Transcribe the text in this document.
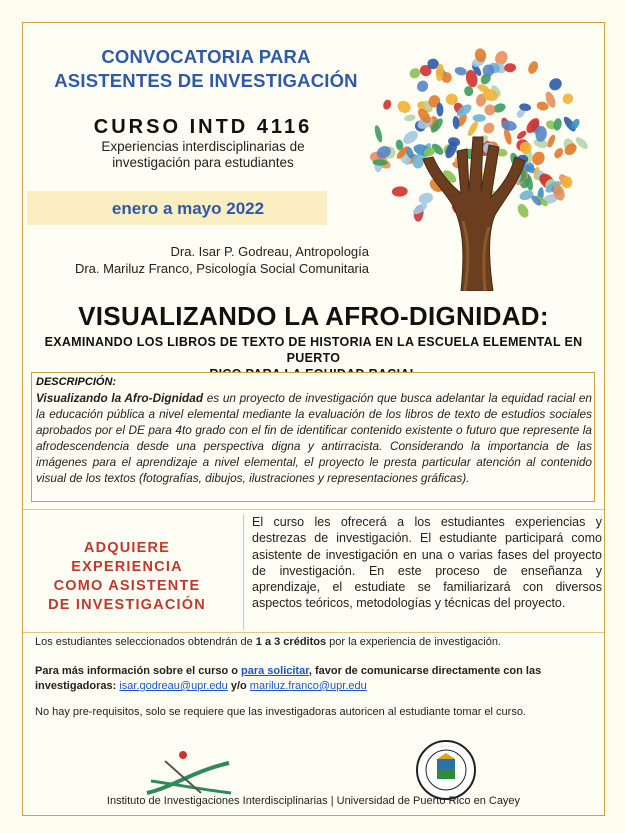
CONVOCATORIA PARA
ASISTENTES DE INVESTIGACIÓN
CURSO INTD 4116
Experiencias interdisciplinarias de
investigación para estudiantes
enero a mayo 2022
Dra. Isar P. Godreau, Antropología
Dra. Mariluz Franco, Psicología Social Comunitaria
VISUALIZANDO LA AFRO-DIGNIDAD:
EXAMINANDO LOS LIBROS DE TEXTO DE HISTORIA EN LA ESCUELA ELEMENTAL EN PUERTO
DESCRIPCIÓN:
Visualizando la Afro-Dignidad es un proyecto de investigación que busca adelantar la equidad racial en la educación pública a nivel elemental mediante la evaluación de los libros de texto de estudios sociales aprobados por el DE para 4to grado con el fin de identificar contenido existente o futuro que represente la afrodescendencia desde una perspectiva digna y antirracista. Considerando la importancia de las imágenes para el aprendizaje a nivel elemental, el proyecto le presta particular atención al contenido visual de los textos (fotografías, dibujos, ilustraciones y representaciones gráficas).
ADQUIERE EXPERIENCIA
COMO ASISTENTE
DE INVESTIGACIÓN
El curso les ofrecerá a los estudiantes experiencias y destrezas de investigación. El estudiante participará como asistente de investigación en una o varias fases del proyecto de investigación. En este proceso de enseñanza y aprendizaje, el estudiate se familiarizará con diversos aspectos teóricos, metodologías y técnicas del proyecto.
Los estudiantes seleccionados obtendrán de 1 a 3 créditos por la experiencia de investigación.
Para más información sobre el curso o para solicitar, favor de comunicarse directamente con las investigadoras: isar.godreau@upr.edu y/o mariluz.franco@upr.edu
No hay pre-requisitos, solo se requiere que las investigadoras autoricen al estudiante tomar el curso.
· · · · ·
Instituto de Investigaciones Interdisciplinarias | Universidad de Puerto Rico en Cayey
